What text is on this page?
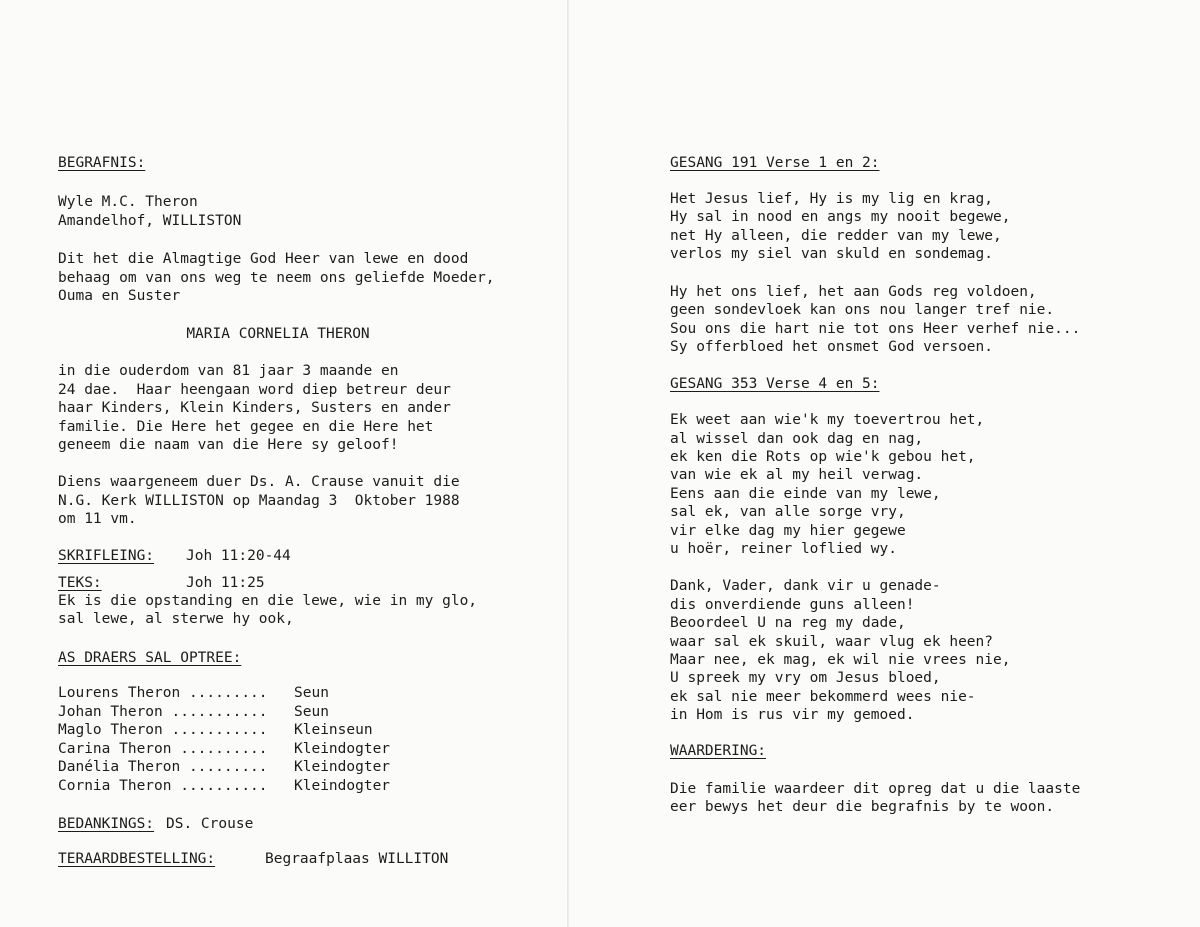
BEGRAFNIS:
Wyle M.C. Theron
Amandelhof, WILLISTON
Dit het die Almagtige God Heer van lewe en dood
behaag om van ons weg te neem ons geliefde Moeder,
Ouma en Suster
MARIA CORNELIA THERON
in die ouderdom van 81 jaar 3 maande en
24 dae.  Haar heengaan word diep betreur deur
haar Kinders, Klein Kinders, Susters en ander
familie. Die Here het gegee en die Here het
geneem die naam van die Here sy geloof!
Diens waargeneem duer Ds. A. Crause vanuit die
N.G. Kerk WILLISTON op Maandag 3  Oktober 1988
om 11 vm.
SKRIFLEING: Joh 11:20-44
TEKS:	Joh 11:25
Ek is die opstanding en die lewe, wie in my glo,
sal lewe, al sterwe hy ook,
AS DRAERS SAL OPTREE:
Lourens Theron ......... Seun
Johan Theron ........... Seun
Maglo Theron ........... Kleinseun
Carina Theron .......... Kleindogter
Danélia Theron ......... Kleindogter
Cornia Theron .......... Kleindogter
BEDANKINGS: DS. Crouse
TERAARDBESTELLING:	Begraafplaas WILLITON
GESANG 191 Verse 1 en 2:
Het Jesus lief, Hy is my lig en krag,
Hy sal in nood en angs my nooit begewe,
net Hy alleen, die redder van my lewe,
verlos my siel van skuld en sondemag.
Hy het ons lief, het aan Gods reg voldoen,
geen sondevloek kan ons nou langer tref nie.
Sou ons die hart nie tot ons Heer verhef nie...
Sy offerbloed het onsmet God versoen.
GESANG 353 Verse 4 en 5:
Ek weet aan wie'k my toevertrou het,
al wissel dan ook dag en nag,
ek ken die Rots op wie'k gebou het,
van wie ek al my heil verwag.
Eens aan die einde van my lewe,
sal ek, van alle sorge vry,
vir elke dag my hier gegewe
u hoër, reiner loflied wy.
Dank, Vader, dank vir u genade-
dis onverdiende guns alleen!
Beoordeel U na reg my dade,
waar sal ek skuil, waar vlug ek heen?
Maar nee, ek mag, ek wil nie vrees nie,
U spreek my vry om Jesus bloed,
ek sal nie meer bekommerd wees nie-
in Hom is rus vir my gemoed.
WAARDERING:
Die familie waardeer dit opreg dat u die laaste
eer bewys het deur die begrafnis by te woon.
